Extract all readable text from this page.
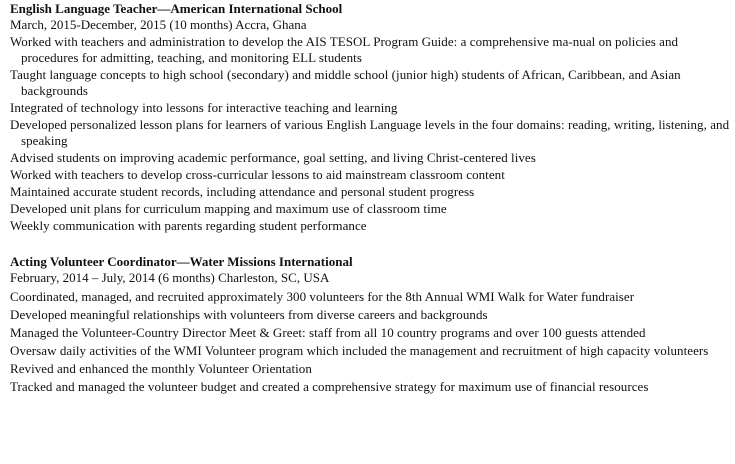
English Language Teacher—American International School

March, 2015-December, 2015 (10 months) Accra, Ghana

Worked with teachers and administration to develop the AIS TESOL Program Guide: a comprehensive ma-nual on policies and procedures for admitting, teaching, and monitoring ELL students
Taught language concepts to high school (secondary) and middle school (junior high) students of African, Caribbean, and Asian backgrounds
Integrated of technology into lessons for interactive teaching and learning
Developed personalized lesson plans for learners of various English Language levels in the four domains: reading, writing, listening, and speaking
Advised students on improving academic performance, goal setting, and living Christ-centered lives
Worked with teachers to develop cross-curricular lessons to aid mainstream classroom content
Maintained accurate student records, including attendance and personal student progress
Developed unit plans for curriculum mapping and maximum use of classroom time
Weekly communication with parents regarding student performance

Acting Volunteer Coordinator—Water Missions International

February, 2014 – July, 2014 (6 months) Charleston, SC, USA

Coordinated, managed, and recruited approximately 300 volunteers for the 8th Annual WMI Walk for Water fundraiser
Developed meaningful relationships with volunteers from diverse careers and backgrounds
Managed the Volunteer-Country Director Meet & Greet: staff from all 10 country programs and over 100 guests attended
Oversaw daily activities of the WMI Volunteer program which included the management and recruitment of high capacity volunteers
Revived and enhanced the monthly Volunteer Orientation
Tracked and managed the volunteer budget and created a comprehensive strategy for maximum use of financial resources
